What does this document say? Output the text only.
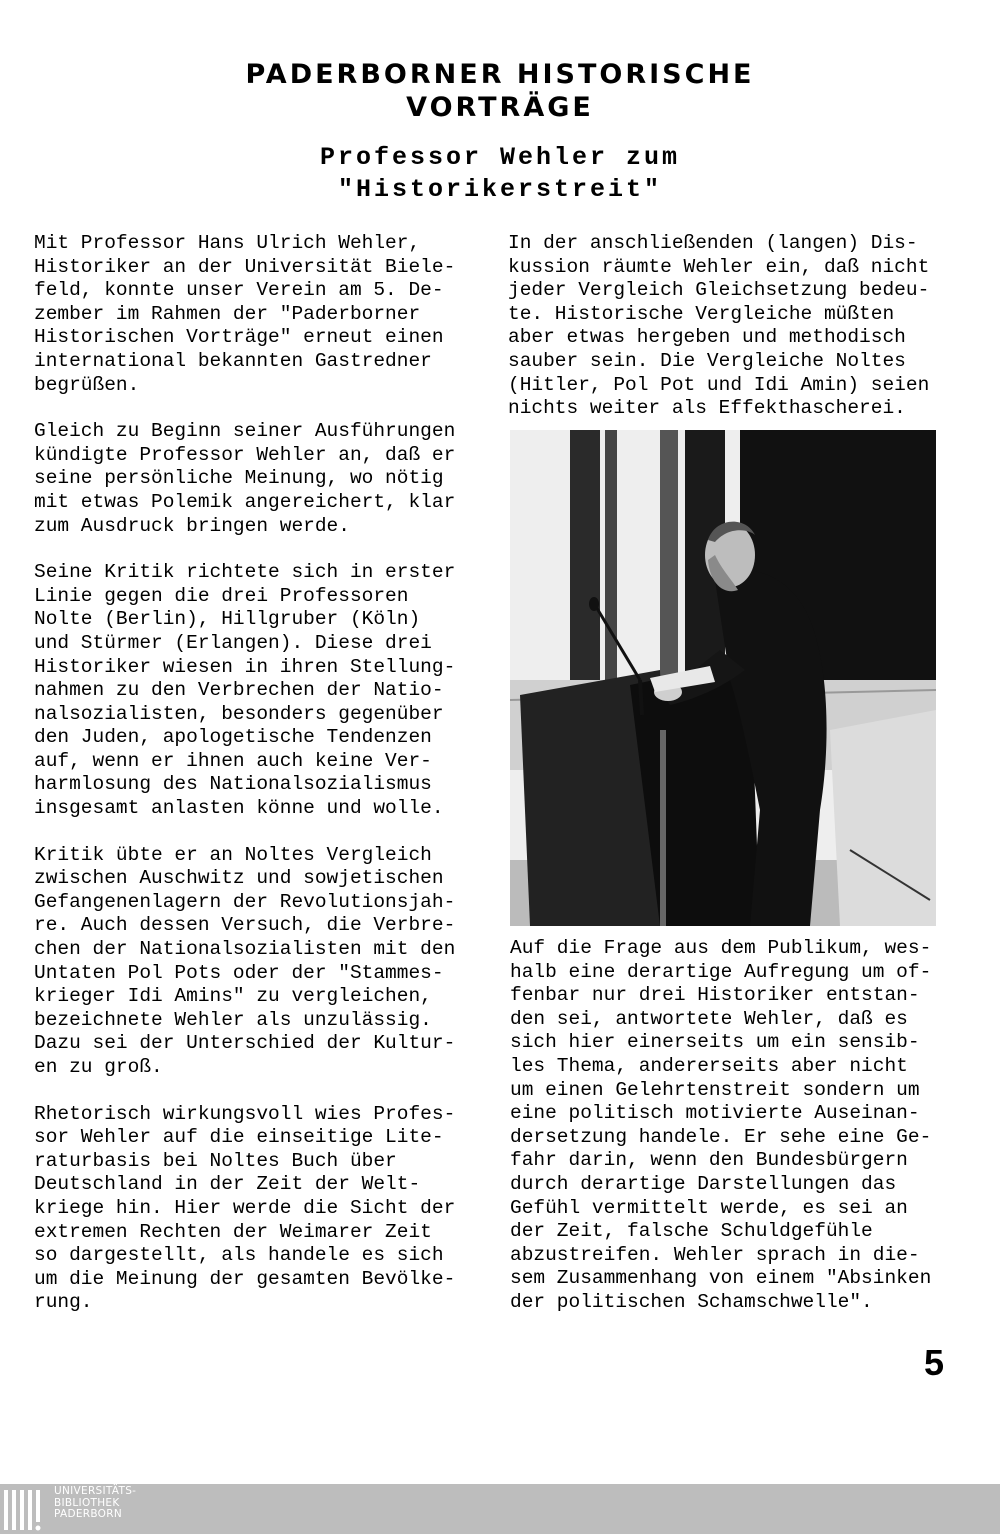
PADERBORNER HISTORISCHE
VORTRÄGE
Professor Wehler zum
"Historikerstreit"

Mit Professor Hans Ulrich Wehler,
Historiker an der Universität Biele-
feld, konnte unser Verein am 5. De-
zember im Rahmen der "Paderborner
Historischen Vorträge" erneut einen
international bekannten Gastredner
begrüßen.

Gleich zu Beginn seiner Ausführungen
kündigte Professor Wehler an, daß er
seine persönliche Meinung, wo nötig
mit etwas Polemik angereichert, klar
zum Ausdruck bringen werde.

Seine Kritik richtete sich in erster
Linie gegen die drei Professoren
Nolte (Berlin), Hillgruber (Köln)
und Stürmer (Erlangen). Diese drei
Historiker wiesen in ihren Stellung-
nahmen zu den Verbrechen der Natio-
nalsozialisten, besonders gegenüber
den Juden, apologetische Tendenzen
auf, wenn er ihnen auch keine Ver-
harmlosung des Nationalsozialismus
insgesamt anlasten könne und wolle.

Kritik übte er an Noltes Vergleich
zwischen Auschwitz und sowjetischen
Gefangenenlagern der Revolutionsjah-
re. Auch dessen Versuch, die Verbre-
chen der Nationalsozialisten mit den
Untaten Pol Pots oder der "Stammes-
krieger Idi Amins" zu vergleichen,
bezeichnete Wehler als unzulässig.
Dazu sei der Unterschied der Kultur-
en zu groß.

Rhetorisch wirkungsvoll wies Profes-
sor Wehler auf die einseitige Lite-
raturbasis bei Noltes Buch über
Deutschland in der Zeit der Welt-
kriege hin. Hier werde die Sicht der
extremen Rechten der Weimarer Zeit
so dargestellt, als handele es sich
um die Meinung der gesamten Bevölke-
rung.

In der anschließenden (langen) Dis-
kussion räumte Wehler ein, daß nicht
jeder Vergleich Gleichsetzung bedeu-
te. Historische Vergleiche müßten
aber etwas hergeben und methodisch
sauber sein. Die Vergleiche Noltes
(Hitler, Pol Pot und Idi Amin) seien
nichts weiter als Effekthascherei.

Auf die Frage aus dem Publikum, wes-
halb eine derartige Aufregung um of-
fenbar nur drei Historiker entstan-
den sei, antwortete Wehler, daß es
sich hier einerseits um ein sensib-
les Thema, andererseits aber nicht
um einen Gelehrtenstreit sondern um
eine politisch motivierte Auseinan-
dersetzung handele. Er sehe eine Ge-
fahr darin, wenn den Bundesbürgern
durch derartige Darstellungen das
Gefühl vermittelt werde, es sei an
der Zeit, falsche Schuldgefühle
abzustreifen. Wehler sprach in die-
sem Zusammenhang von einem "Absinken
der politischen Schamschwelle".

5
UNIVERSITÄTS-
BIBLIOTHEK
PADERBORN
